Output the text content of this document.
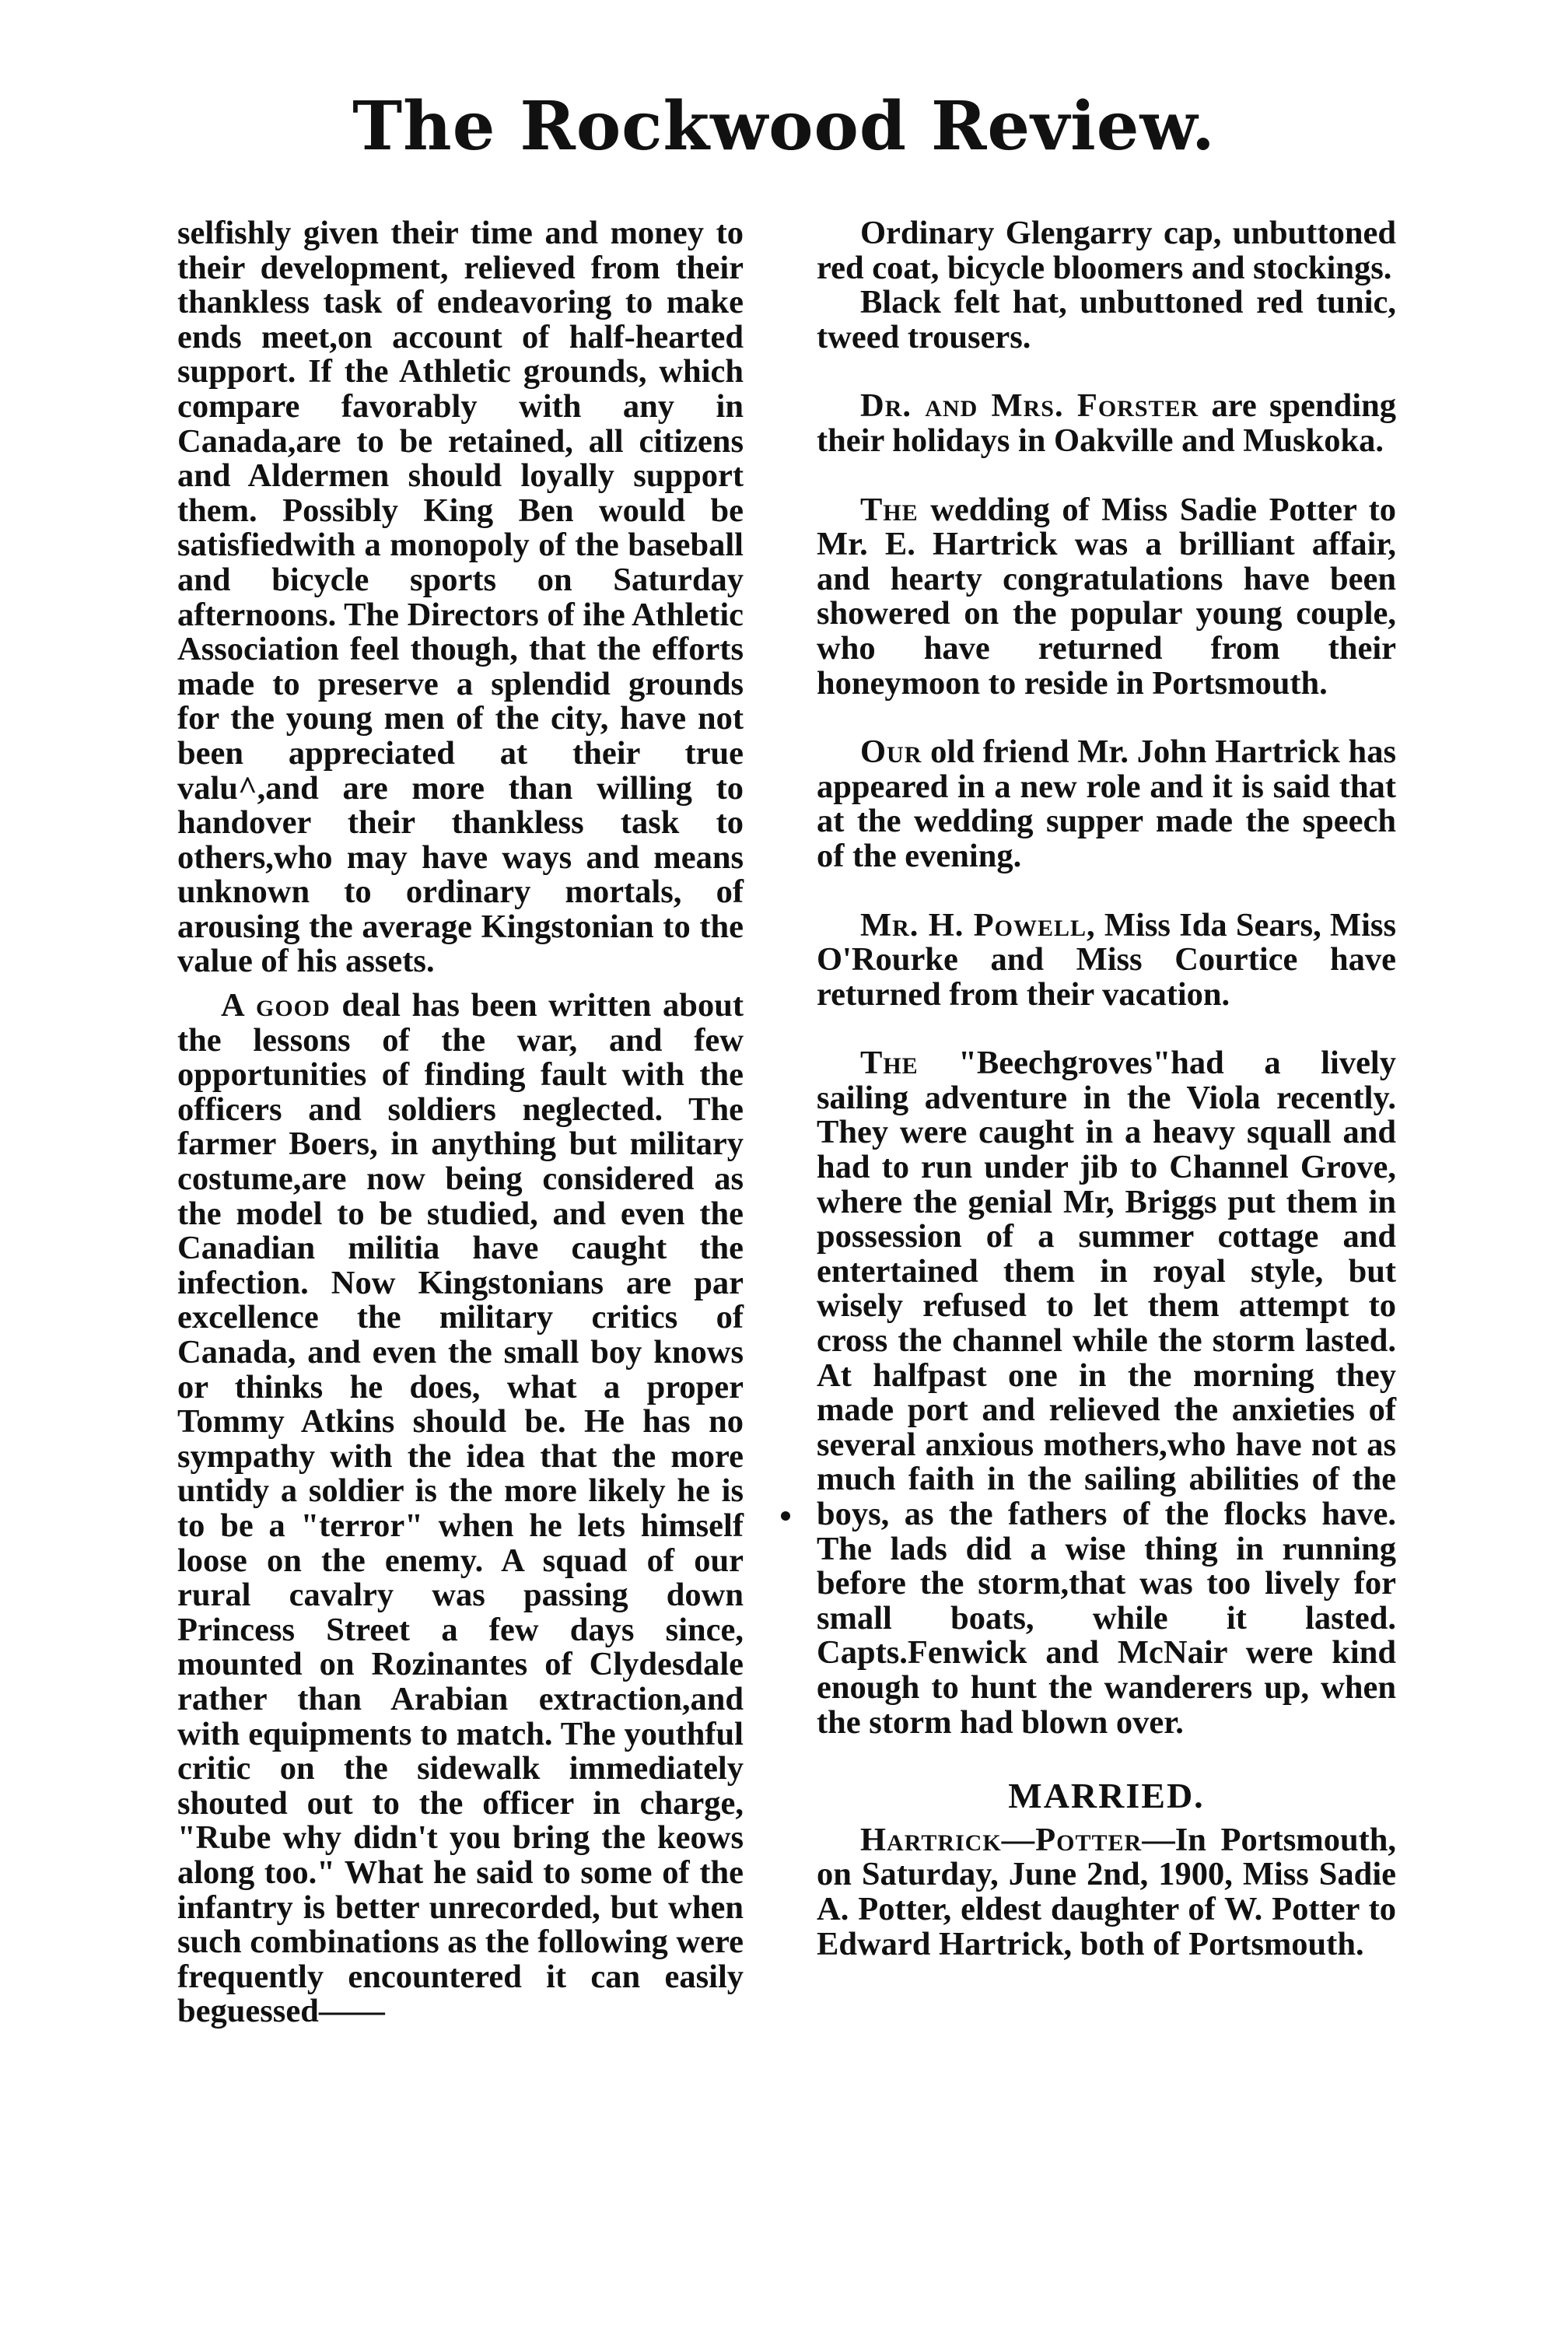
The Rockwood Review.

selfishly given their time and money to their development, relieved from their thankless task of endeavoring to make ends meet,on account of half-hearted support. If the Athletic grounds, which compare favorably with any in Canada,are to be retained, all citizens and Aldermen should loyally support them. Possibly King Ben would be satisfiedwith a monopoly of the baseball and bicycle sports on Saturday afternoons. The Directors of ihe Athletic Association feel though, that the efforts made to preserve a splendid grounds for the young men of the city, have not been appreciated at their true valu^,and are more than willing to handover their thankless task to others,who may have ways and means unknown to ordinary mortals, of arousing the average Kingstonian to the value of his assets.

A good deal has been written about the lessons of the war, and few opportunities of finding fault with the officers and soldiers neglected. The farmer Boers, in anything but military costume,are now being considered as the model to be studied, and even the Canadian militia have caught the infection. Now Kingstonians are par excellence the military critics of Canada, and even the small boy knows or thinks he does, what a proper Tommy Atkins should be. He has no sympathy with the idea that the more untidy a soldier is the more likely he is to be a "terror" when he lets himself loose on the enemy. A squad of our rural cavalry was passing down Princess Street a few days since, mounted on Rozinantes of Clydesdale rather than Arabian extraction,and with equipments to match. The youthful critic on the sidewalk immediately shouted out to the officer in charge, "Rube why didn't you bring the keows along too." What he said to some of the infantry is better unrecorded, but when such combinations as the following were frequently encountered it can easily beguessed——

Ordinary Glengarry cap, unbuttoned red coat, bicycle bloomers and stockings.

Black felt hat, unbuttoned red tunic, tweed trousers.

Dr. and Mrs. Forster are spending their holidays in Oakville and Muskoka.

The wedding of Miss Sadie Potter to Mr. E. Hartrick was a brilliant affair, and hearty congratulations have been showered on the popular young couple, who have returned from their honeymoon to reside in Portsmouth.

Our old friend Mr. John Hartrick has appeared in a new role and it is said that at the wedding supper made the speech of the evening.

Mr. H. Powell, Miss Ida Sears, Miss O'Rourke and Miss Courtice have returned from their vacation.

The "Beechgroves"had a lively sailing adventure in the Viola recently. They were caught in a heavy squall and had to run under jib to Channel Grove, where the genial Mr, Briggs put them in possession of a summer cottage and entertained them in royal style, but wisely refused to let them attempt to cross the channel while the storm lasted. At halfpast one in the morning they made port and relieved the anxieties of several anxious mothers,who have not as much faith in the sailing abilities of the boys, as the fathers of the flocks have. The lads did a wise thing in running before the storm,that was too lively for small boats, while it lasted. Capts.Fenwick and McNair were kind enough to hunt the wanderers up, when the storm had blown over.

MARRIED.

Hartrick—Potter—In Portsmouth, on Saturday, June 2nd, 1900, Miss Sadie A. Potter, eldest daughter of W. Potter to Edward Hartrick, both of Portsmouth.
